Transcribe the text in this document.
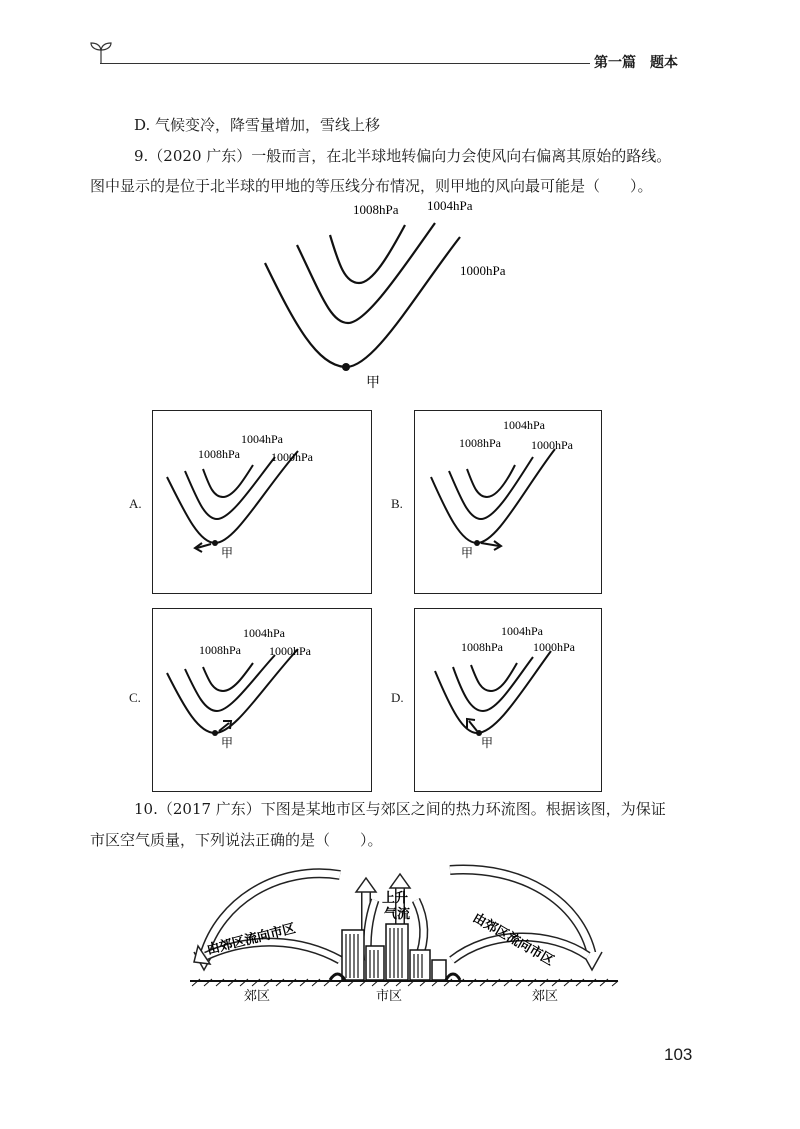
第一篇　题本
D. 气候变冷，降雪量增加，雪线上移
9.（2020 广东）一般而言，在北半球地转偏向力会使风向右偏离其原始的路线。
图中显示的是位于北半球的甲地的等压线分布情况，则甲地的风向最可能是（　　）。
1008hPa 1004hPa
1000hPa
甲
A.	B.
C.	D.
1008hPa
1004hPa
1000hPa
甲
1008hPa
1004hPa
1000hPa
甲
1008hPa
1004hPa
1000hPa
甲
1008hPa
1004hPa
1000hPa
甲
10.（2017 广东）下图是某地市区与郊区之间的热力环流图。根据该图，为保证
市区空气质量，下列说法正确的是（　　）。
由郊区流向市区	由郊区流向市区
上升
气流
郊区	市区	郊区
103
